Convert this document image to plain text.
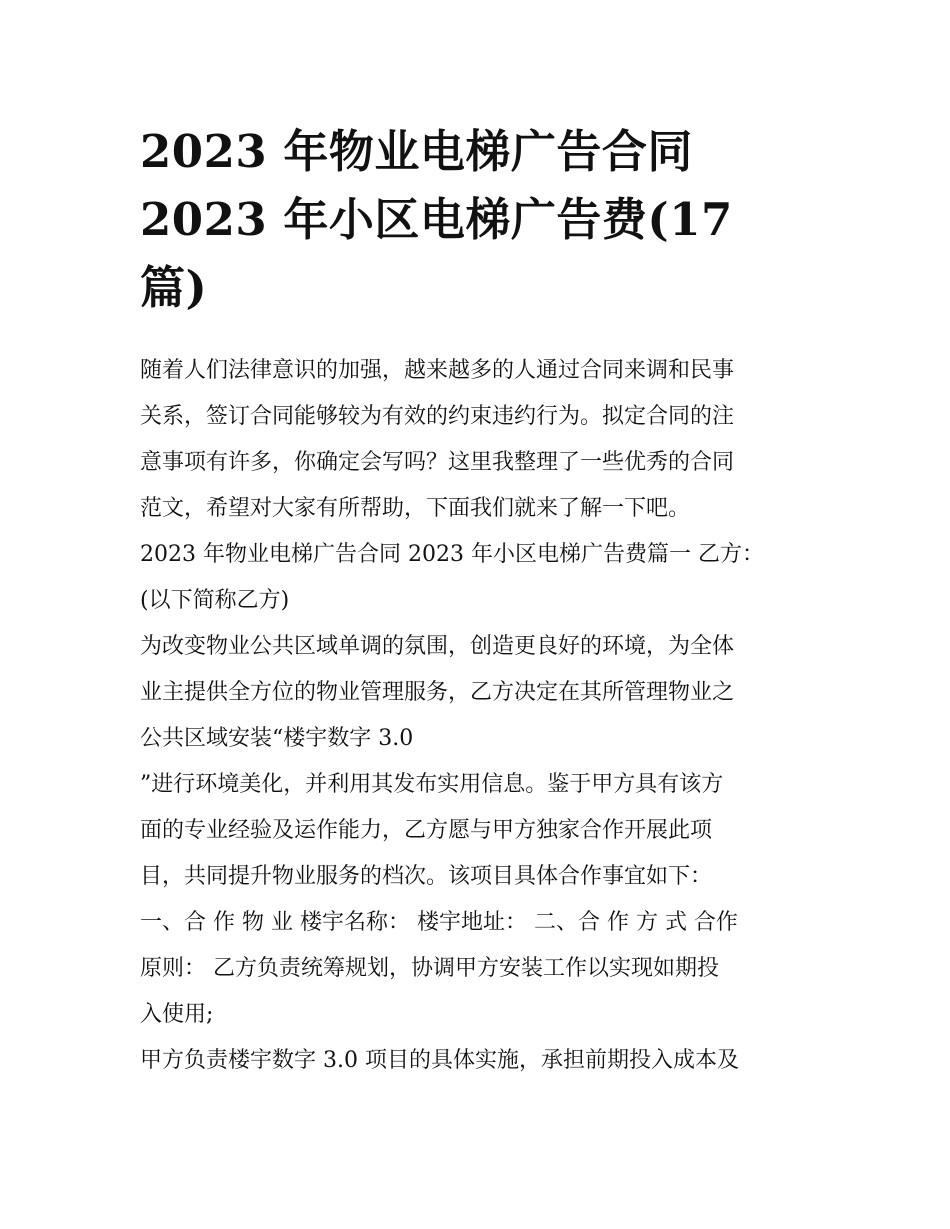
2023 年物业电梯广告合同
2023 年小区电梯广告费(17 篇)

随着人们法律意识的加强，越来越多的人通过合同来调和民事
关系，签订合同能够较为有效的约束违约行为。拟定合同的注
意事项有许多，你确定会写吗？这里我整理了一些优秀的合同
范文，希望对大家有所帮助，下面我们就来了解一下吧。

2023 年物业电梯广告合同 2023 年小区电梯广告费篇一 乙方：
(以下简称乙方)

为改变物业公共区域单调的氛围，创造更良好的环境，为全体
业主提供全方位的物业管理服务，乙方决定在其所管理物业之
公共区域安装“楼宇数字 3.0

”进行环境美化，并利用其发布实用信息。鉴于甲方具有该方
面的专业经验及运作能力，乙方愿与甲方独家合作开展此项
目，共同提升物业服务的档次。该项目具体合作事宜如下：

一、合 作 物 业 楼宇名称： 楼宇地址： 二、合 作 方 式 合作
原则： 乙方负责统筹规划，协调甲方安装工作以实现如期投
入使用;

甲方负责楼宇数字 3.0 项目的具体实施，承担前期投入成本及
